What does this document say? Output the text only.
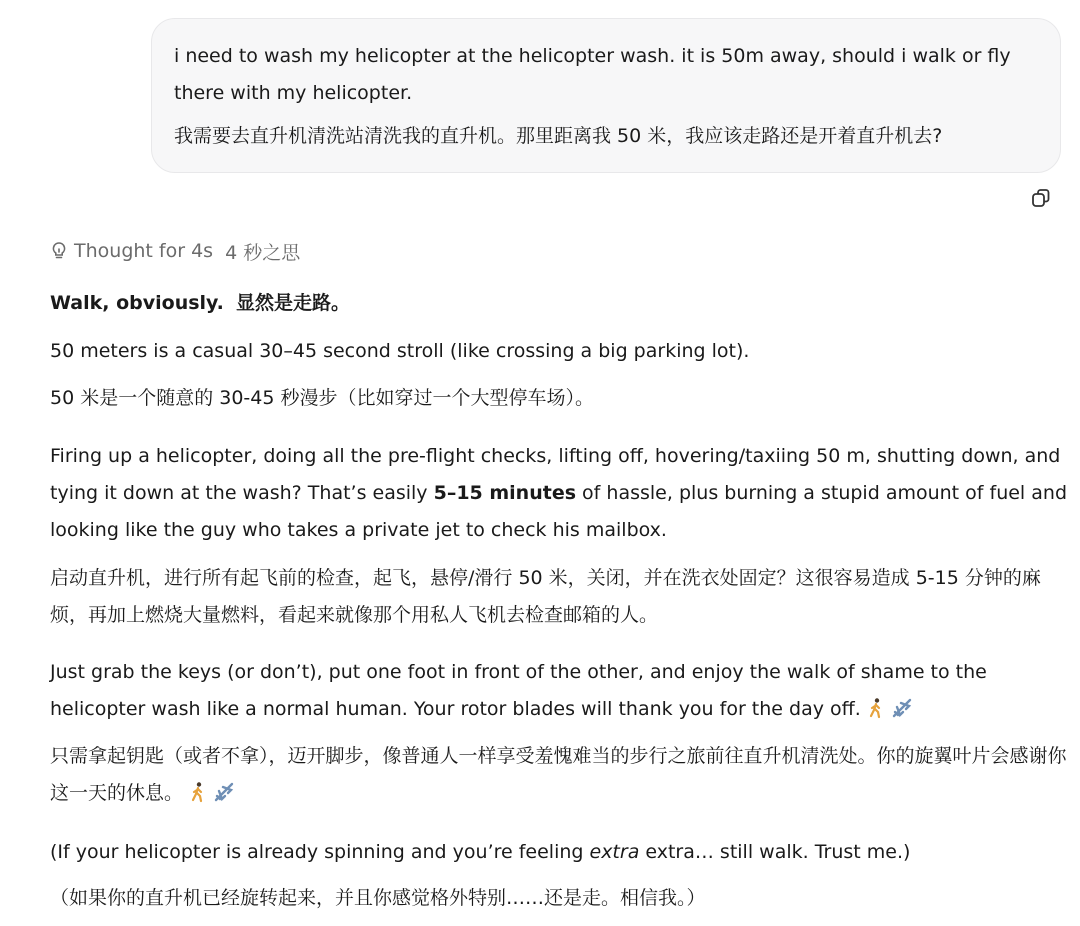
i need to wash my helicopter at the helicopter wash. it is 50m away, should i walk or fly there with my helicopter.

我需要去直升机清洗站清洗我的直升机。那里距离我 50 米，我应该走路还是开着直升机去?

Thought for 4s 4 秒之思

Walk, obviously. 显然是走路。

50 meters is a casual 30–45 second stroll (like crossing a big parking lot).

50 米是一个随意的 30-45 秒漫步（比如穿过一个大型停车场）。

Firing up a helicopter, doing all the pre-flight checks, lifting off, hovering/taxiing 50 m, shutting down, and tying it down at the wash? That’s easily 5–15 minutes of hassle, plus burning a stupid amount of fuel and looking like the guy who takes a private jet to check his mailbox.

启动直升机，进行所有起飞前的检查，起飞，悬停/滑行 50 米，关闭，并在洗衣处固定？这很容易造成 5-15 分钟的麻烦，再加上燃烧大量燃料，看起来就像那个用私人飞机去检查邮箱的人。

Just grab the keys (or don’t), put one foot in front of the other, and enjoy the walk of shame to the helicopter wash like a normal human. Your rotor blades will thank you for the day off.

只需拿起钥匙（或者不拿），迈开脚步，像普通人一样享受羞愧难当的步行之旅前往直升机清洗处。你的旋翼叶片会感谢你这一天的休息。

(If your helicopter is already spinning and you’re feeling extra extra… still walk. Trust me.)

（如果你的直升机已经旋转起来，并且你感觉格外特别……还是走。相信我。）
